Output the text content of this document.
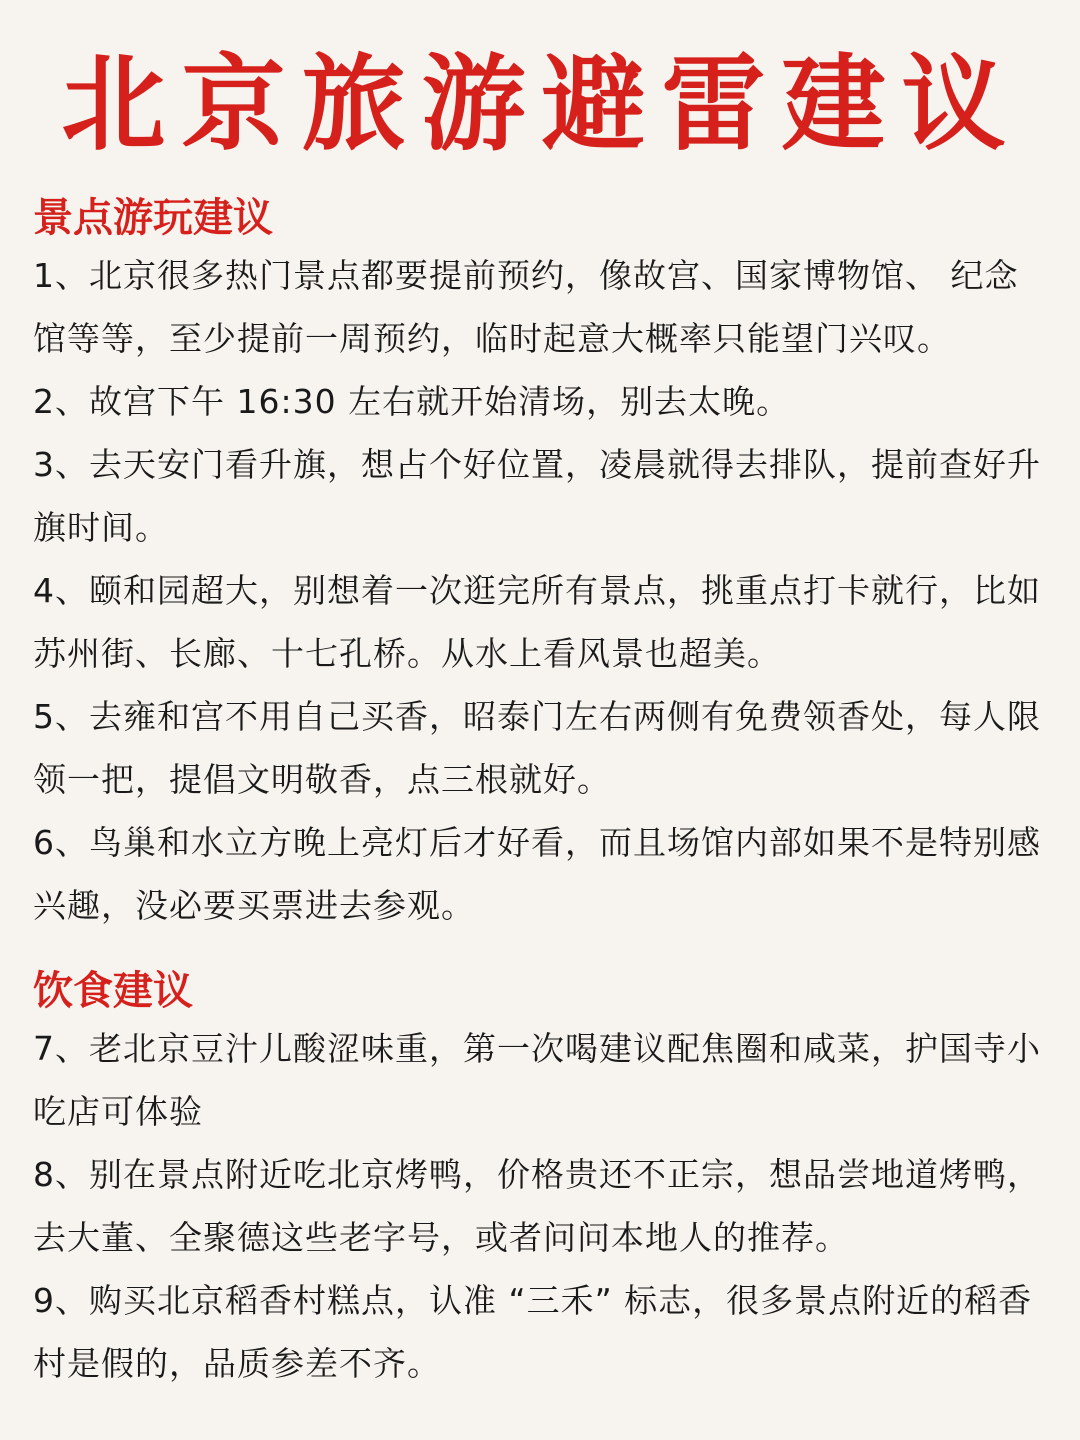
北京旅游避雷建议
景点游玩建议
1、北京很多热门景点都要提前预约，像故宫、国家博物馆、 纪念馆等等，至少提前一周预约，临时起意大概率只能望门兴叹。
2、故宫下午 16:30 左右就开始清场，别去太晚。
3、去天安门看升旗，想占个好位置，凌晨就得去排队，提前查好升旗时间。
4、颐和园超大，别想着一次逛完所有景点，挑重点打卡就行，比如苏州街、长廊、十七孔桥。从水上看风景也超美。
5、去雍和宫不用自己买香，昭泰门左右两侧有免费领香处，每人限领一把，提倡文明敬香，点三根就好。
6、鸟巢和水立方晚上亮灯后才好看，而且场馆内部如果不是特别感兴趣，没必要买票进去参观。
饮食建议
7、老北京豆汁儿酸涩味重，第一次喝建议配焦圈和咸菜，护国寺小吃店可体验
8、别在景点附近吃北京烤鸭，价格贵还不正宗，想品尝地道烤鸭，去大董、全聚德这些老字号，或者问问本地人的推荐。
9、购买北京稻香村糕点，认准 “三禾” 标志，很多景点附近的稻香村是假的，品质参差不齐。
